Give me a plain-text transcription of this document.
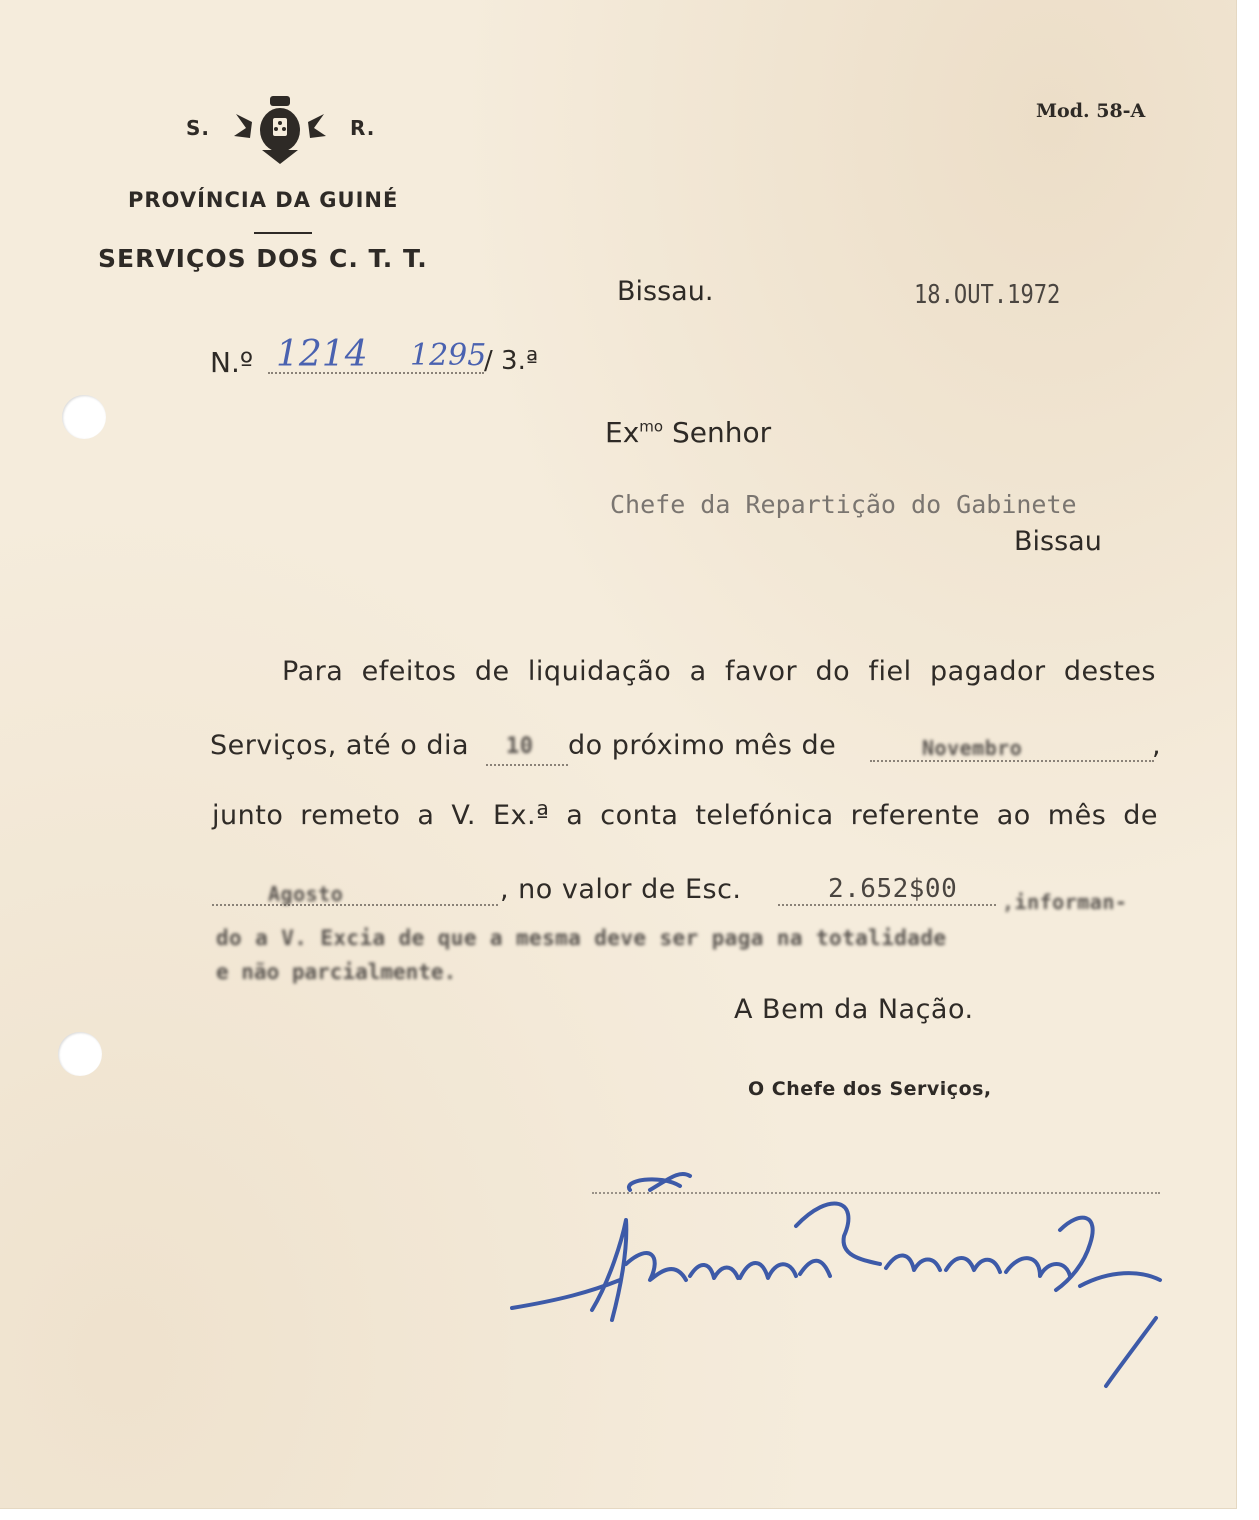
S.	R.
PROVÍNCIA DA GUINÉ
SERVIÇOS DOS C. T. T.
Mod. 58-A
Bissau.	18.OUT.1972
N.º 1214 1295
/ 3.ª
$Ex^{mo}$ Senhor
Chefe da Repartição do Gabinete
Bissau
Para efeitos de liquidação a favor do fiel pagador destes
Serviços, até o dia 10 do próximo mês de	Novembro	,
junto remeto a V. Ex.ª a conta telefónica referente ao mês de
Agosto	, no valor de Esc.	2.652$00 ,informan-
do a V. Excia de que a mesma deve ser paga na totalidade
e não parcialmente.
A Bem da Nação.
O Chefe dos Serviços,
